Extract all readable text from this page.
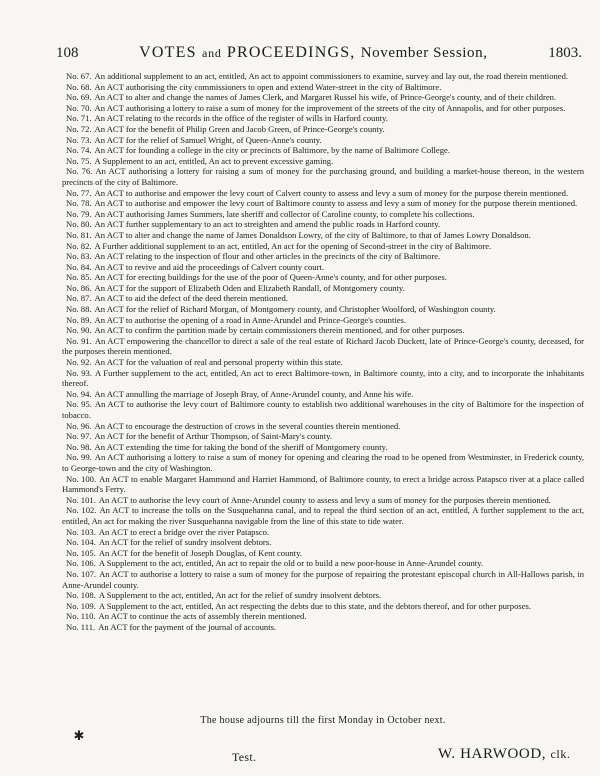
108	VOTES and PROCEEDINGS, November Session,	1803.

No. 67. An additional supplement to an act, entitled, An act to appoint commissioners to examine, survey and lay out, the road therein mentioned.

No. 68. An ACT authorising the city commissioners to open and extend Water-street in the city of Baltimore.

No. 69. An ACT to alter and change the names of James Clerk, and Margaret Russel his wife, of Prince-George's county, and of their children.

No. 70. An ACT authorising a lottery to raise a sum of money for the improvement of the streets of the city of Annapolis, and for other purposes.

No. 71. An ACT relating to the records in the office of the register of wills in Harford county.

No. 72. An ACT for the benefit of Philip Green and Jacob Green, of Prince-George's county.

No. 73. An ACT for the relief of Samuel Wright, of Queen-Anne's county.

No. 74. An ACT for founding a college in the city or precincts of Baltimore, by the name of Baltimore College.

No. 75. A Supplement to an act, entitled, An act to prevent excessive gaming.

No. 76. An ACT authorising a lottery for raising a sum of money for the purchasing ground, and building a market-house thereon, in the western precincts of the city of Baltimore.

No. 77. An ACT to authorise and empower the levy court of Calvert county to assess and levy a sum of money for the purpose therein mentioned.

No. 78. An ACT to authorise and empower the levy court of Baltimore county to assess and levy a sum of money for the purpose therein mentioned.

No. 79. An ACT authorising James Summers, late sheriff and collector of Caroline county, to complete his collections.

No. 80. An ACT further supplementary to an act to streighten and amend the public roads in Harford county.

No. 81. An ACT to alter and change the name of James Donaldson Lowry, of the city of Baltimore, to that of James Lowry Donaldson.

No. 82. A Further additional supplement to an act, entitled, An act for the opening of Second-street in the city of Baltimore.

No. 83. An ACT relating to the inspection of flour and other articles in the precincts of the city of Baltimore.

No. 84. An ACT to revive and aid the proceedings of Calvert county court.

No. 85. An ACT for erecting buildings for the use of the poor of Queen-Anne's county, and for other purposes.

No. 86. An ACT for the support of Elizabeth Oden and Elizabeth Randall, of Montgomery county.

No. 87. An ACT to aid the defect of the deed therein mentioned.

No. 88. An ACT for the relief of Richard Morgan, of Montgomery county, and Christopher Woolford, of Washington county.

No. 89. An ACT to authorise the opening of a road in Anne-Arundel and Prince-George's counties.

No. 90. An ACT to confirm the partition made by certain commissioners therein mentioned, and for other purposes.

No. 91. An ACT empowering the chancellor to direct a sale of the real estate of Richard Jacob Duckett, late of Prince-George's county, deceased, for the purposes therein mentioned.

No. 92. An ACT for the valuation of real and personal property within this state.

No. 93. A Further supplement to the act, entitled, An act to erect Baltimore-town, in Baltimore county, into a city, and to incorporate the inhabitants thereof.

No. 94. An ACT annulling the marriage of Joseph Bray, of Anne-Arundel county, and Anne his wife.

No. 95. An ACT to authorise the levy court of Baltimore county to establish two additional warehouses in the city of Baltimore for the inspection of tobacco.

No. 96. An ACT to encourage the destruction of crows in the several counties therein mentioned.

No. 97. An ACT for the benefit of Arthur Thompson, of Saint-Mary's county.

No. 98. An ACT extending the time for taking the bond of the sheriff of Montgomery county.

No. 99. An ACT authorising a lottery to raise a sum of money for opening and clearing the road to be opened from Westminster, in Frederick county, to George-town and the city of Washington.

No. 100. An ACT to enable Margaret Hammond and Harriet Hammond, of Baltimore county, to erect a bridge across Patapsco river at a place called Hammond's Ferry.

No. 101. An ACT to authorise the levy court of Anne-Arundel county to assess and levy a sum of money for the purposes therein mentioned.

No. 102. An ACT to increase the tolls on the Susquehanna canal, and to repeal the third section of an act, entitled, A further supplement to the act, entitled, An act for making the river Susquehanna navigable from the line of this state to tide water.

No. 103. An ACT to erect a bridge over the river Patapsco.

No. 104. An ACT for the relief of sundry insolvent debtors.

No. 105. An ACT for the benefit of Joseph Douglas, of Kent county.

No. 106. A Supplement to the act, entitled, An act to repair the old or to build a new poor-house in Anne-Arundel county.

No. 107. An ACT to authorise a lottery to raise a sum of money for the purpose of repairing the protestant episcopal church in All-Hallows parish, in Anne-Arundel county.

No. 108. A Supplement to the act, entitled, An act for the relief of sundry insolvent debtors.

No. 109. A Supplement to the act, entitled, An act respecting the debts due to this state, and the debtors thereof, and for other purposes.

No. 110. An ACT to continue the acts of assembly therein mentioned.

No. 111. An ACT for the payment of the journal of accounts.

The house adjourns till the first Monday in October next.
✱
Test.	W. HARWOOD, clk.
